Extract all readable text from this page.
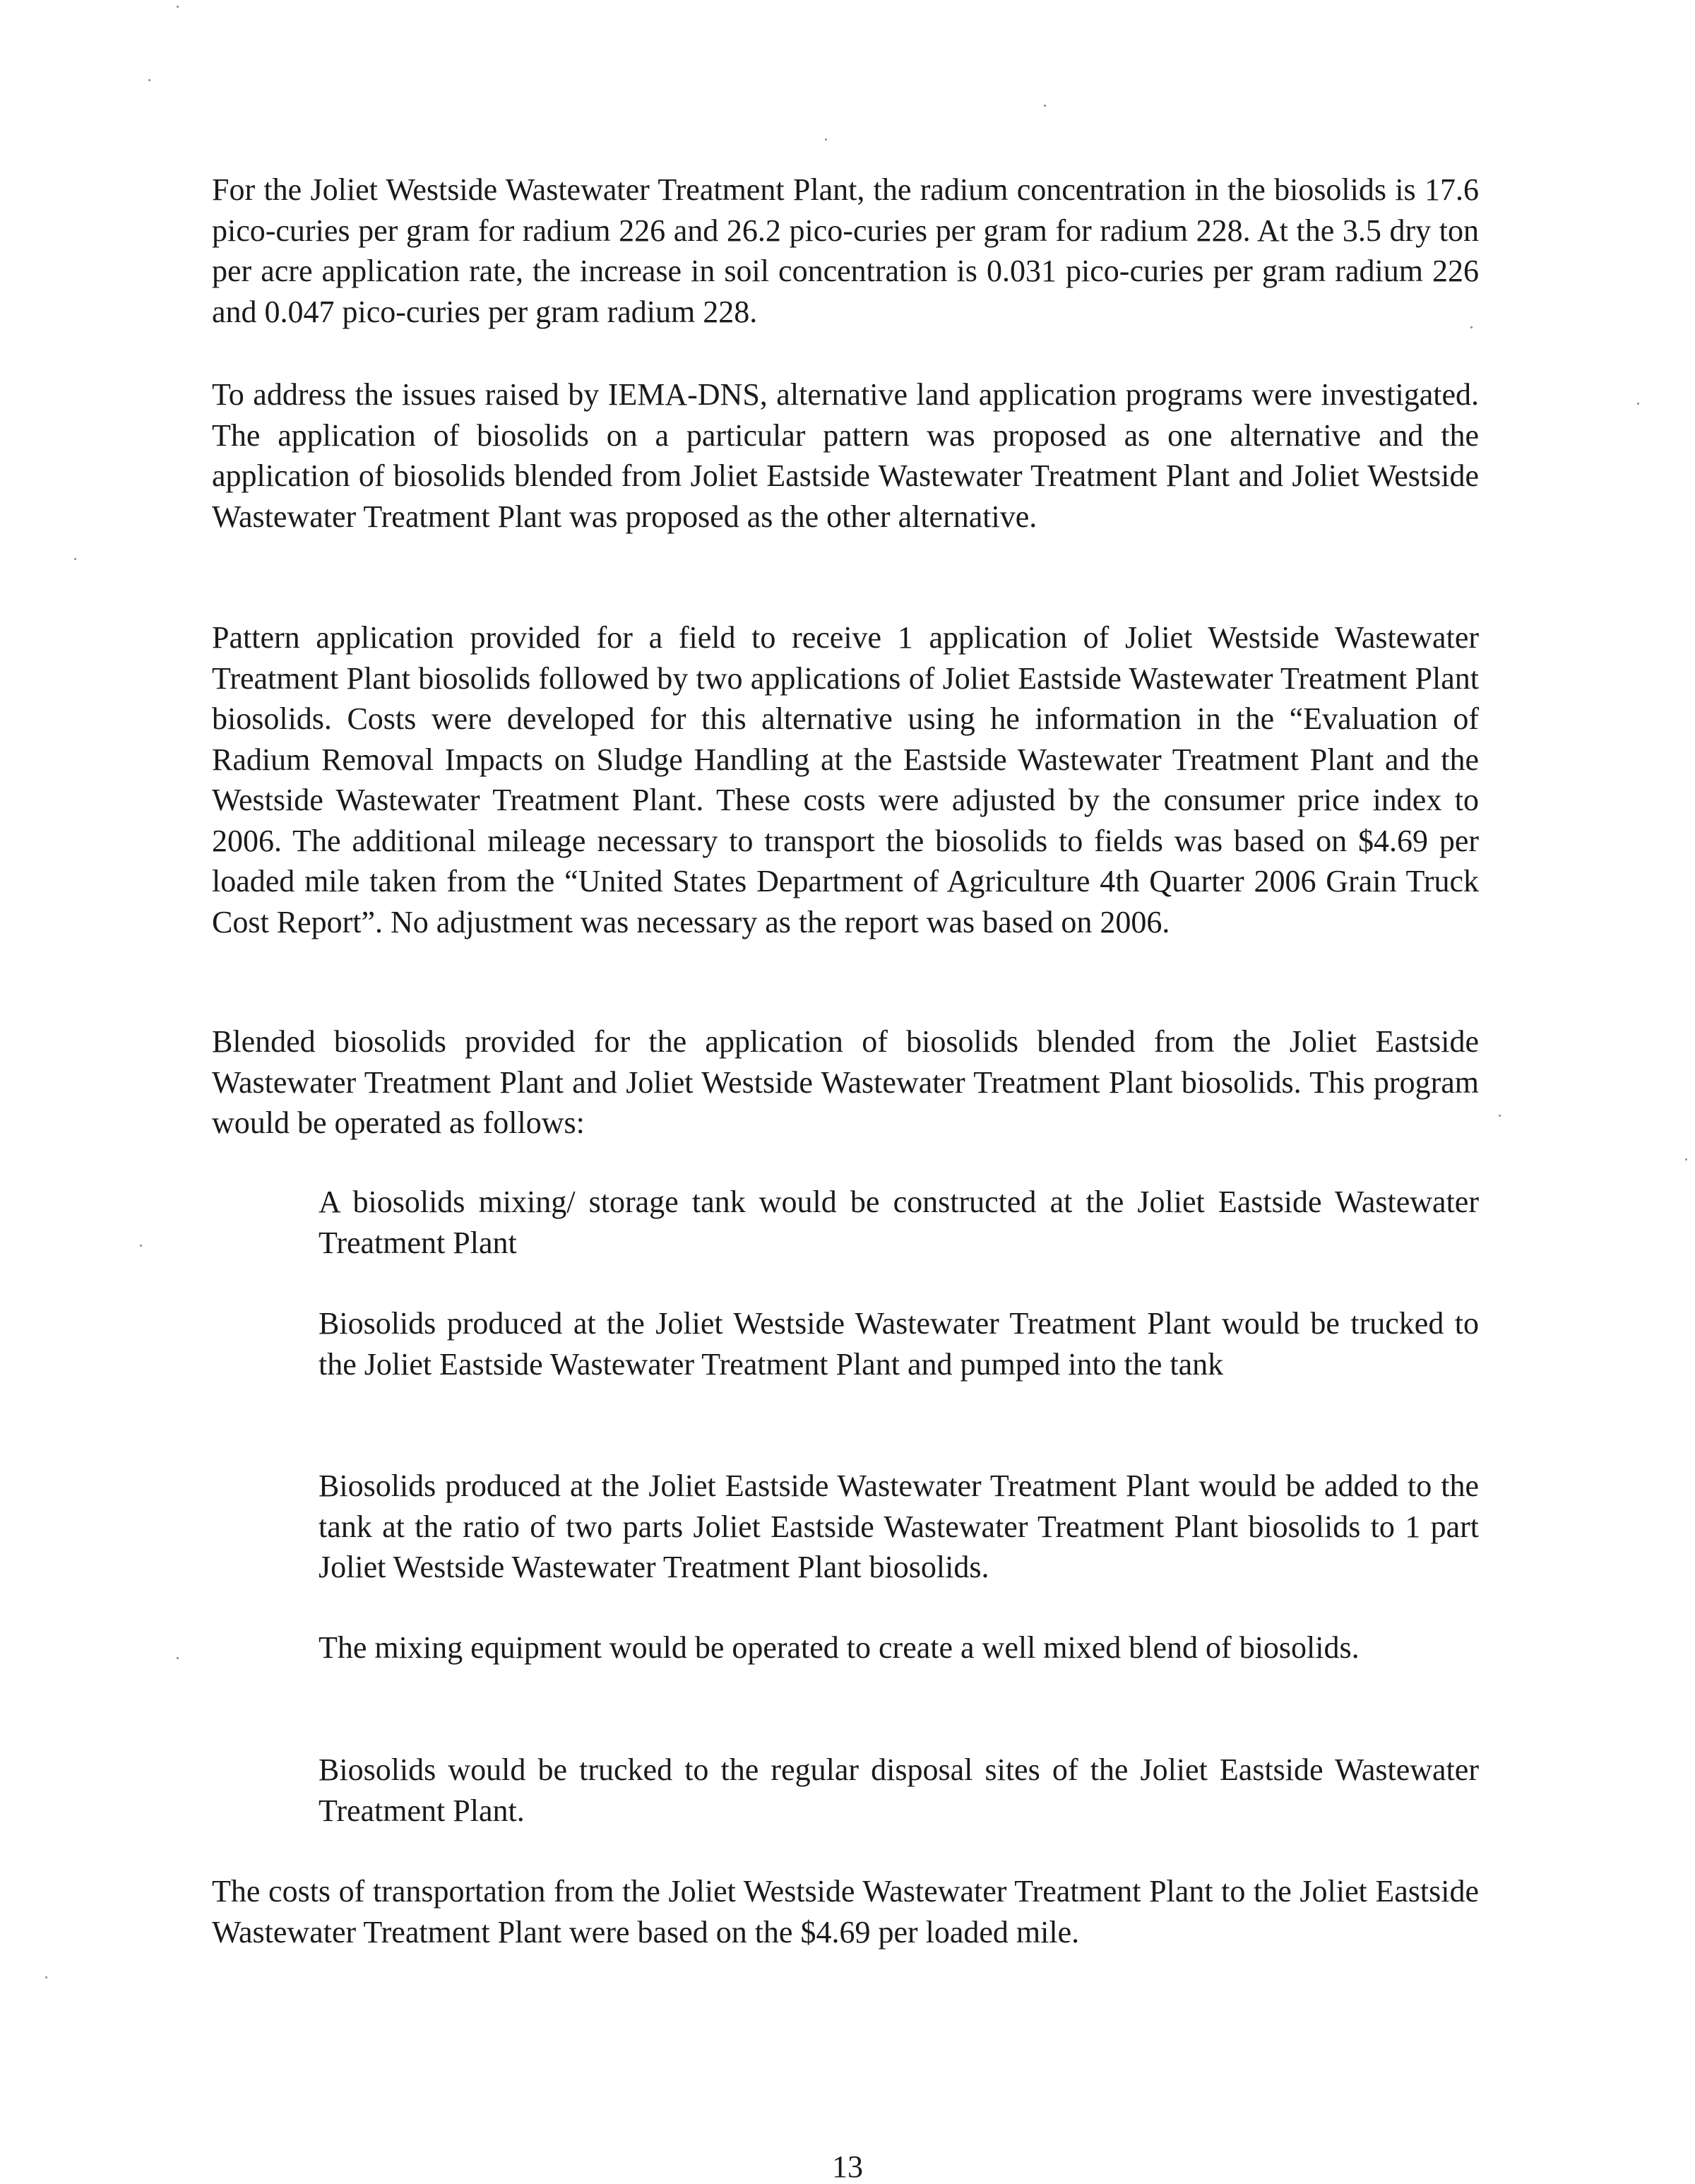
For the Joliet Westside Wastewater Treatment Plant, the radium concentration in the biosolids is 17.6 pico-curies per gram for radium 226 and 26.2 pico-curies per gram for radium 228. At the 3.5 dry ton per acre application rate, the increase in soil concentration is 0.031 pico-curies per gram radium 226 and 0.047 pico-curies per gram radium 228.

To address the issues raised by IEMA-DNS, alternative land application programs were investigated. The application of biosolids on a particular pattern was proposed as one alternative and the application of biosolids blended from Joliet Eastside Wastewater Treatment Plant and Joliet Westside Wastewater Treatment Plant was proposed as the other alternative.

Pattern application provided for a field to receive 1 application of Joliet Westside Wastewater Treatment Plant biosolids followed by two applications of Joliet Eastside Wastewater Treatment Plant biosolids. Costs were developed for this alternative using he information in the “Evaluation of Radium Removal Impacts on Sludge Handling at the Eastside Wastewater Treatment Plant and the Westside Wastewater Treatment Plant. These costs were adjusted by the consumer price index to 2006. The additional mileage necessary to transport the biosolids to fields was based on $4.69 per loaded mile taken from the “United States Department of Agriculture 4th Quarter 2006 Grain Truck Cost Report”. No adjustment was necessary as the report was based on 2006.

Blended biosolids provided for the application of biosolids blended from the Joliet Eastside Wastewater Treatment Plant and Joliet Westside Wastewater Treatment Plant biosolids. This program would be operated as follows:

A biosolids mixing/ storage tank would be constructed at the Joliet Eastside Wastewater Treatment Plant

Biosolids produced at the Joliet Westside Wastewater Treatment Plant would be trucked to the Joliet Eastside Wastewater Treatment Plant and pumped into the tank

Biosolids produced at the Joliet Eastside Wastewater Treatment Plant would be added to the tank at the ratio of two parts Joliet Eastside Wastewater Treatment Plant biosolids to 1 part Joliet Westside Wastewater Treatment Plant biosolids.

The mixing equipment would be operated to create a well mixed blend of biosolids.

Biosolids would be trucked to the regular disposal sites of the Joliet Eastside Wastewater Treatment Plant.

The costs of transportation from the Joliet Westside Wastewater Treatment Plant to the Joliet Eastside Wastewater Treatment Plant were based on the $4.69 per loaded mile.

13
